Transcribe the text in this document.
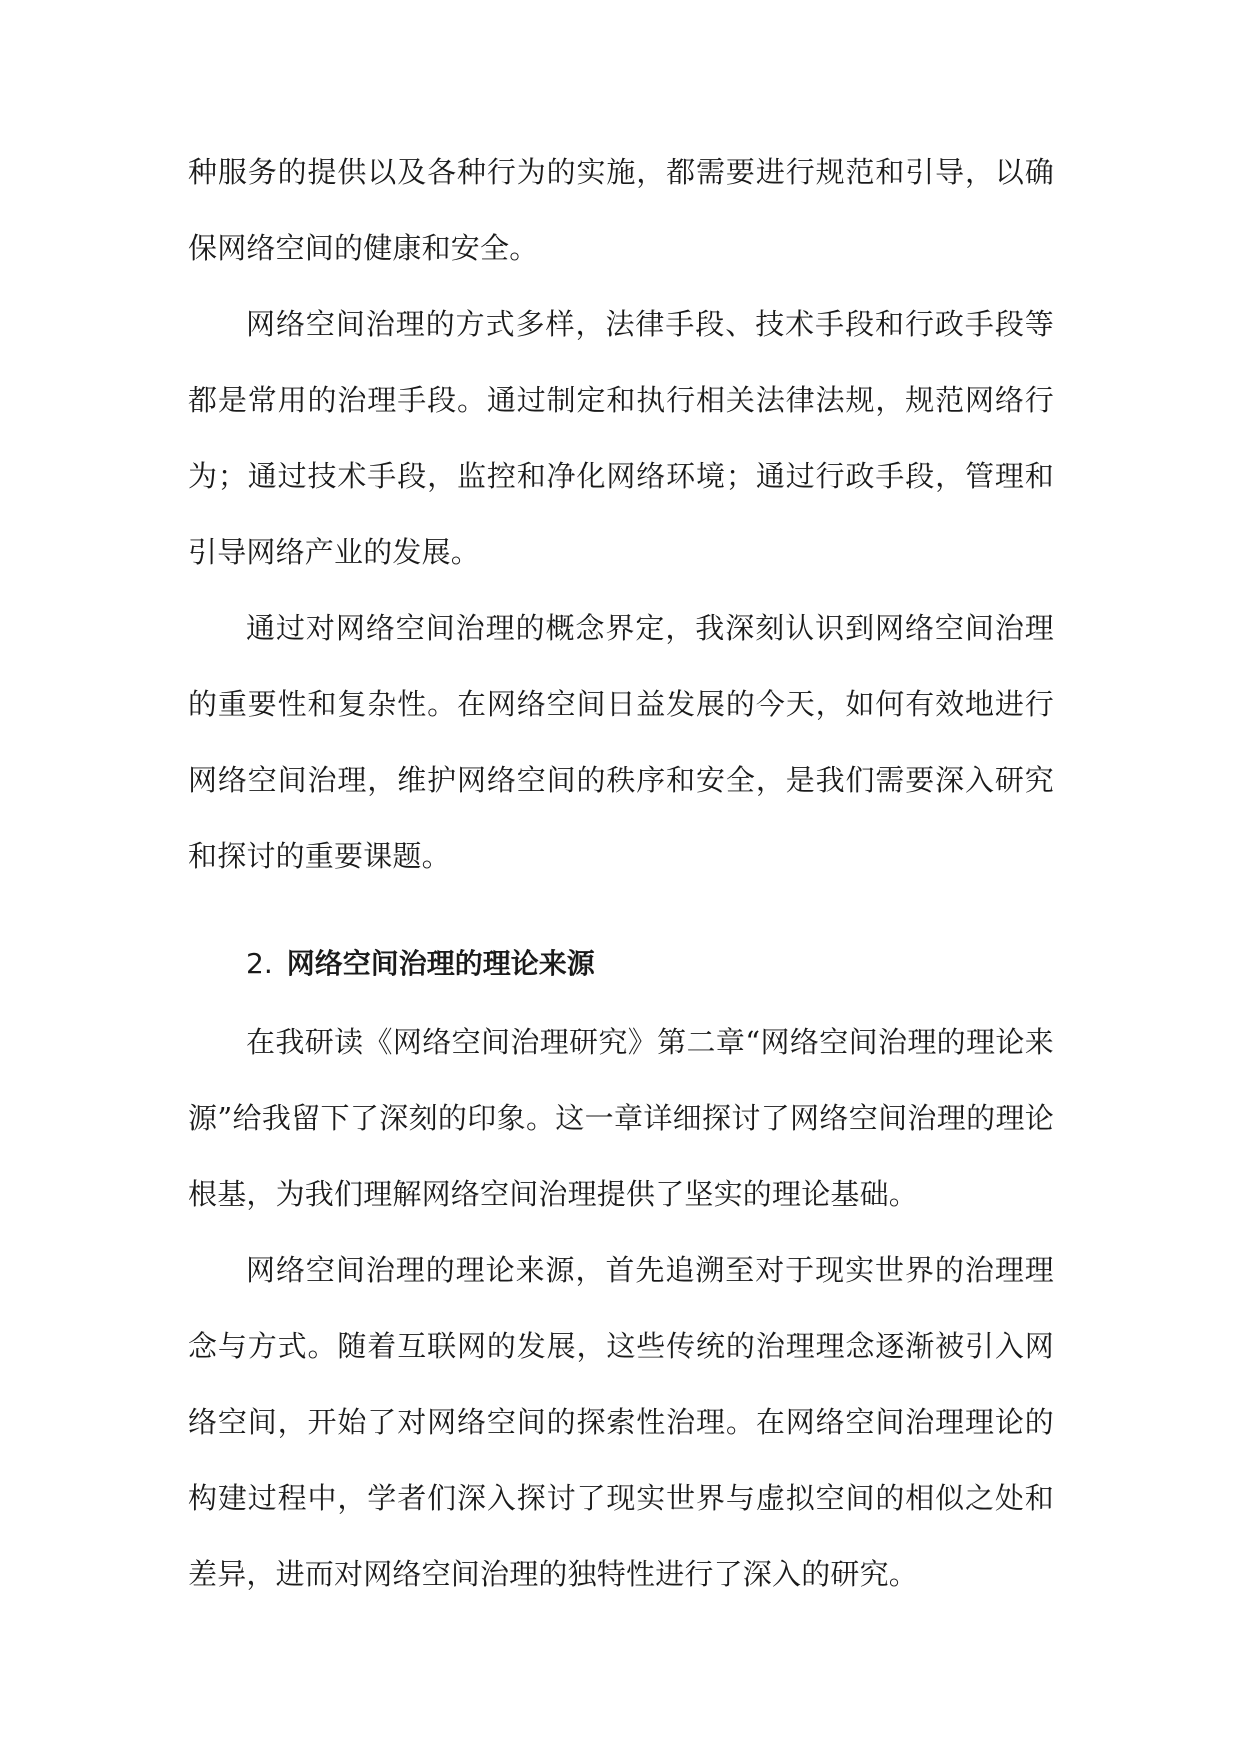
种服务的提供以及各种行为的实施，都需要进行规范和引导，以确保网络空间的健康和安全。

网络空间治理的方式多样，法律手段、技术手段和行政手段等都是常用的治理手段。通过制定和执行相关法律法规，规范网络行为；通过技术手段，监控和净化网络环境；通过行政手段，管理和引导网络产业的发展。

通过对网络空间治理的概念界定，我深刻认识到网络空间治理的重要性和复杂性。在网络空间日益发展的今天，如何有效地进行网络空间治理，维护网络空间的秩序和安全，是我们需要深入研究和探讨的重要课题。

2. 网络空间治理的理论来源

在我研读《网络空间治理研究》第二章“网络空间治理的理论来源”给我留下了深刻的印象。这一章详细探讨了网络空间治理的理论根基，为我们理解网络空间治理提供了坚实的理论基础。

网络空间治理的理论来源，首先追溯至对于现实世界的治理理念与方式。随着互联网的发展，这些传统的治理理念逐渐被引入网络空间，开始了对网络空间的探索性治理。在网络空间治理理论的构建过程中，学者们深入探讨了现实世界与虚拟空间的相似之处和差异，进而对网络空间治理的独特性进行了深入的研究。
